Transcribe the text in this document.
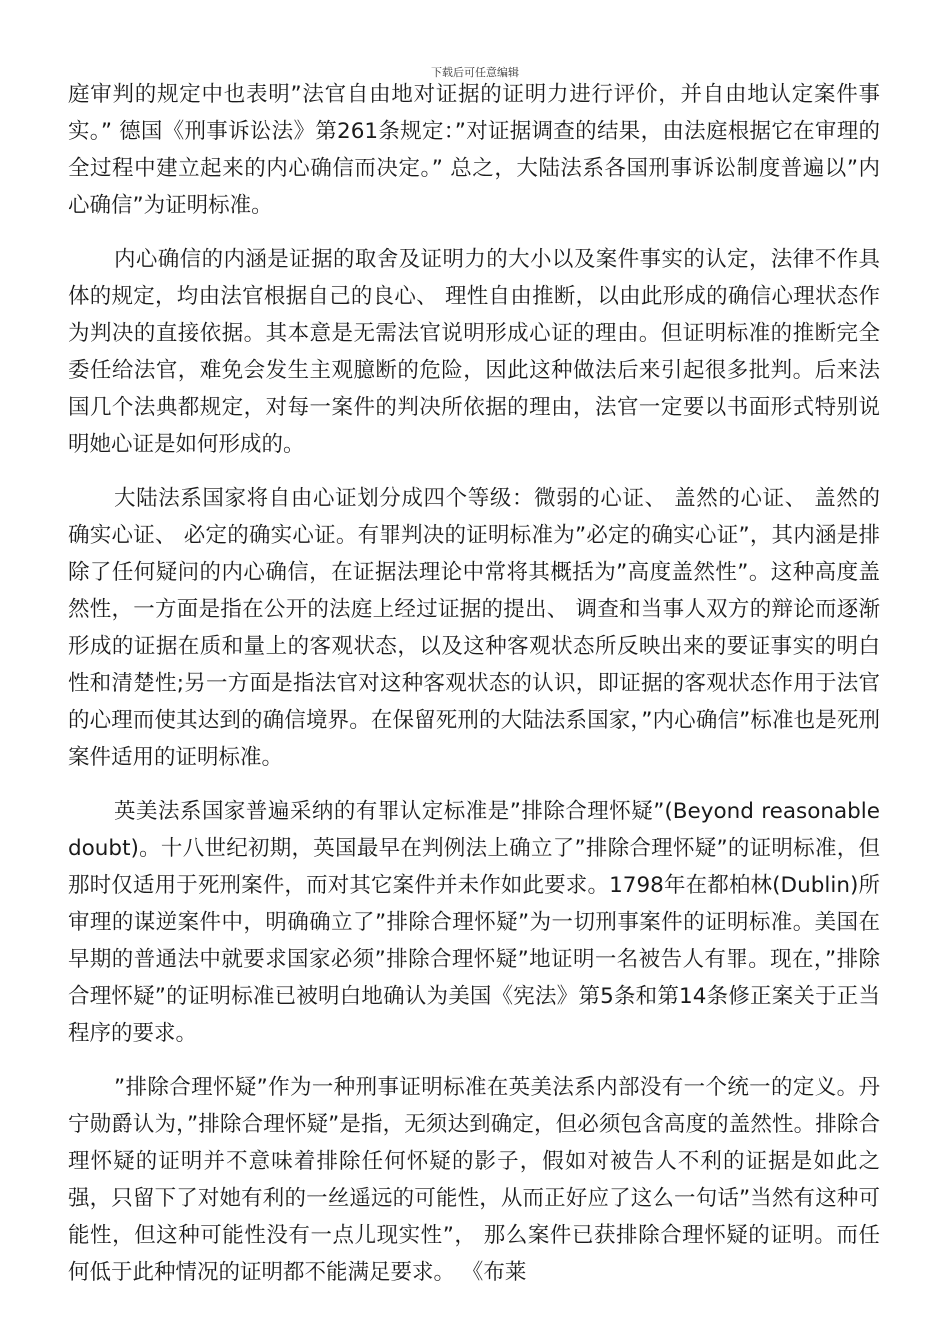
下载后可任意编辑

庭审判的规定中也表明”法官自由地对证据的证明力进行评价，并自由地认定案件事实。” 德国《刑事诉讼法》第261条规定：”对证据调查的结果，由法庭根据它在审理的全过程中建立起来的内心确信而决定。” 总之，大陆法系各国刑事诉讼制度普遍以”内心确信”为证明标准。

内心确信的内涵是证据的取舍及证明力的大小以及案件事实的认定，法律不作具体的规定，均由法官根据自己的良心、 理性自由推断，以由此形成的确信心理状态作为判决的直接依据。其本意是无需法官说明形成心证的理由。但证明标准的推断完全委任给法官，难免会发生主观臆断的危险，因此这种做法后来引起很多批判。后来法国几个法典都规定，对每一案件的判决所依据的理由，法官一定要以书面形式特别说明她心证是如何形成的。

大陆法系国家将自由心证划分成四个等级：微弱的心证、 盖然的心证、 盖然的确实心证、 必定的确实心证。有罪判决的证明标准为”必定的确实心证”，其内涵是排除了任何疑问的内心确信，在证据法理论中常将其概括为”高度盖然性”。这种高度盖然性，一方面是指在公开的法庭上经过证据的提出、 调查和当事人双方的辩论而逐渐形成的证据在质和量上的客观状态，以及这种客观状态所反映出来的要证事实的明白性和清楚性;另一方面是指法官对这种客观状态的认识，即证据的客观状态作用于法官的心理而使其达到的确信境界。在保留死刑的大陆法系国家，”内心确信”标准也是死刑案件适用的证明标准。

英美法系国家普遍采纳的有罪认定标准是”排除合理怀疑”(Beyond reasonable doubt)。十八世纪初期，英国最早在判例法上确立了”排除合理怀疑”的证明标准，但那时仅适用于死刑案件，而对其它案件并未作如此要求。1798年在都柏林(Dublin)所审理的谋逆案件中，明确确立了”排除合理怀疑”为一切刑事案件的证明标准。美国在早期的普通法中就要求国家必须”排除合理怀疑”地证明一名被告人有罪。现在，”排除合理怀疑”的证明标准已被明白地确认为美国《宪法》第5条和第14条修正案关于正当程序的要求。

”排除合理怀疑”作为一种刑事证明标准在英美法系内部没有一个统一的定义。丹宁勋爵认为，”排除合理怀疑”是指，无须达到确定，但必须包含高度的盖然性。排除合理怀疑的证明并不意味着排除任何怀疑的影子，假如对被告人不利的证据是如此之强，只留下了对她有利的一丝遥远的可能性，从而正好应了这么一句话”当然有这种可能性，但这种可能性没有一点儿现实性”， 那么案件已获排除合理怀疑的证明。而任何低于此种情况的证明都不能满足要求。 《布莱
